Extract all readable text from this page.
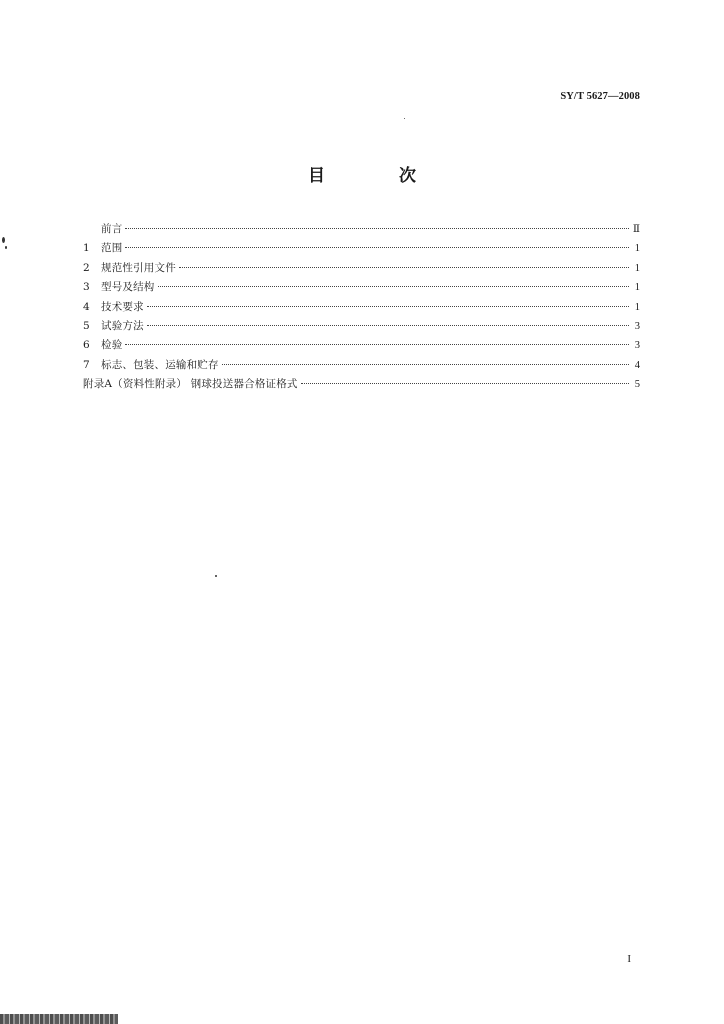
SY/T 5627—2008
目 次
前言	Ⅱ
1 范围	1
2 规范性引用文件	1
3 型号及结构	1
4 技术要求	1
5 试验方法	3
6 检验	3
7 标志、包装、运输和贮存	4
附录A（资料性附录） 钢球投送器合格证格式	5
I
